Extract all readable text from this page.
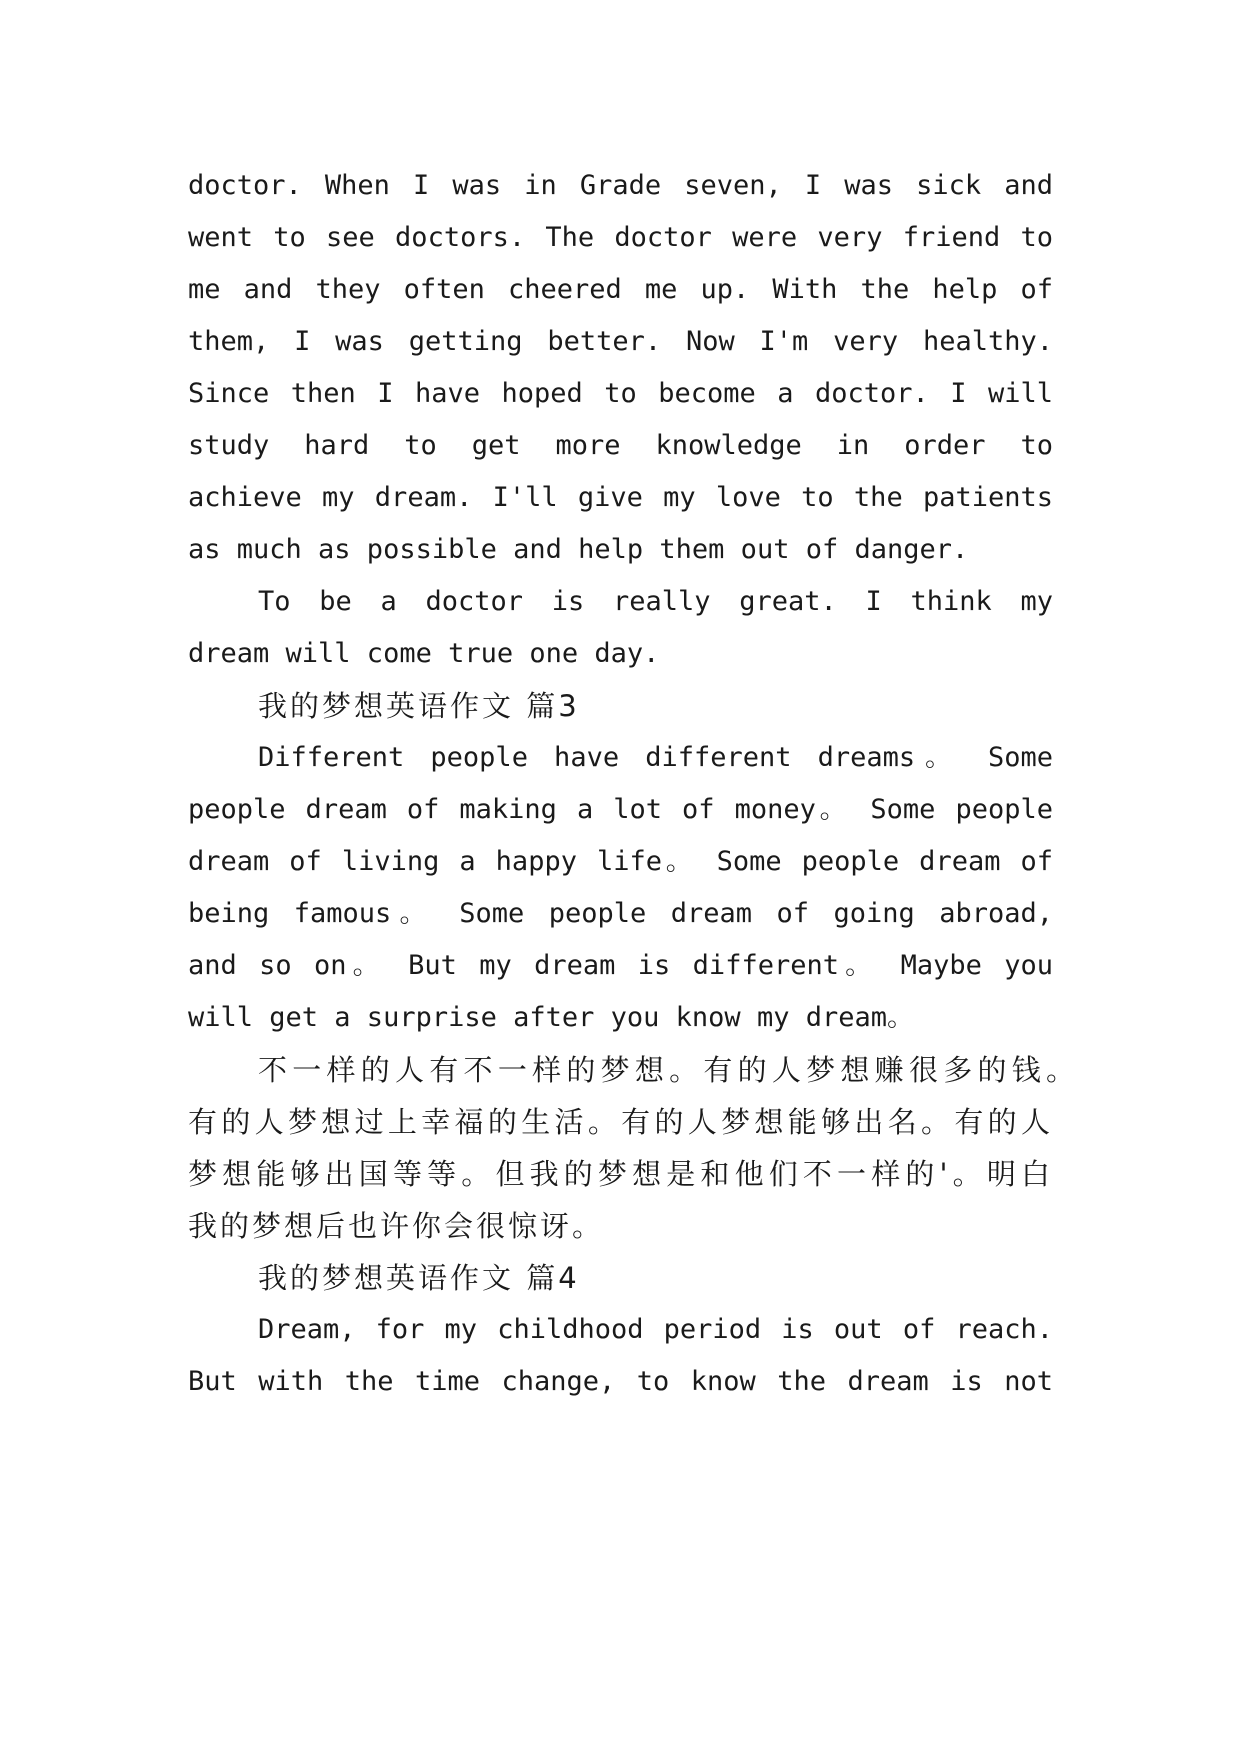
doctor. When I was in Grade seven, I was sick and
went to see doctors. The doctor were very friend to
me and they often cheered me up. With the help of
them, I was getting better. Now I'm very healthy.
Since then I have hoped to become a doctor. I will
study hard to get more knowledge in order to
achieve my dream. I'll give my love to the patients
as much as possible and help them out of danger.
To be a doctor is really great. I think my
dream will come true one day.
我的梦想英语作文 篇3
Different people have different dreams。 Some
people dream of making a lot of money。 Some people
dream of living a happy life。 Some people dream of
being famous。 Some people dream of going abroad,
and so on。 But my dream is different。 Maybe you
will get a surprise after you know my dream。
不一样的人有不一样的梦想。有的人梦想赚很多的钱。
有的人梦想过上幸福的生活。有的人梦想能够出名。有的人
梦想能够出国等等。但我的梦想是和他们不一样的'。明白
我的梦想后也许你会很惊讶。
我的梦想英语作文 篇4
Dream, for my childhood period is out of reach.
But with the time change, to know the dream is not
